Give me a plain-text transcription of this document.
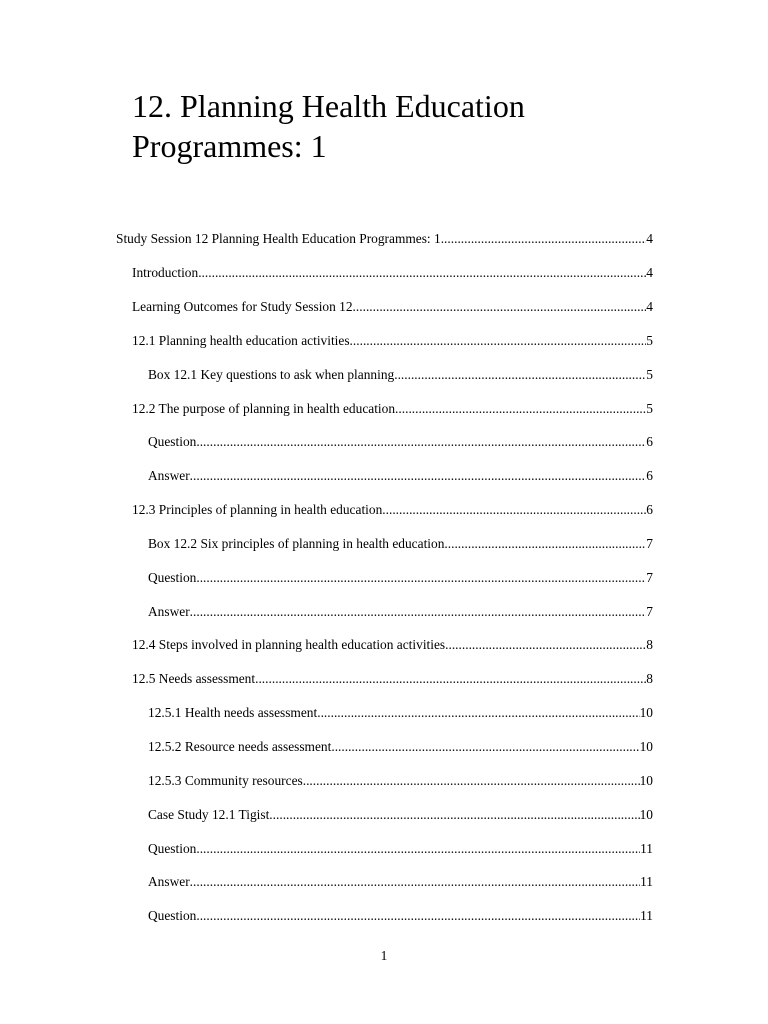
12. Planning Health Education
Programmes: 1
Study Session 12 Planning Health Education Programmes: 1 .....	4
Introduction .....	4
Learning Outcomes for Study Session 12 .....	4
12.1 Planning health education activities .....	5
Box 12.1 Key questions to ask when planning .....	5
12.2 The purpose of planning in health education .....	5
Question .....	6
Answer .....	6
12.3 Principles of planning in health education .....	6
Box 12.2 Six principles of planning in health education .....	7
Question .....	7
Answer .....	7
12.4 Steps involved in planning health education activities .....	8
12.5 Needs assessment .....	8
12.5.1 Health needs assessment .....	10
12.5.2 Resource needs assessment .....	10
12.5.3 Community resources .....	10
Case Study 12.1 Tigist .....	10
Question .....	11
Answer .....	11
Question .....	11
1
